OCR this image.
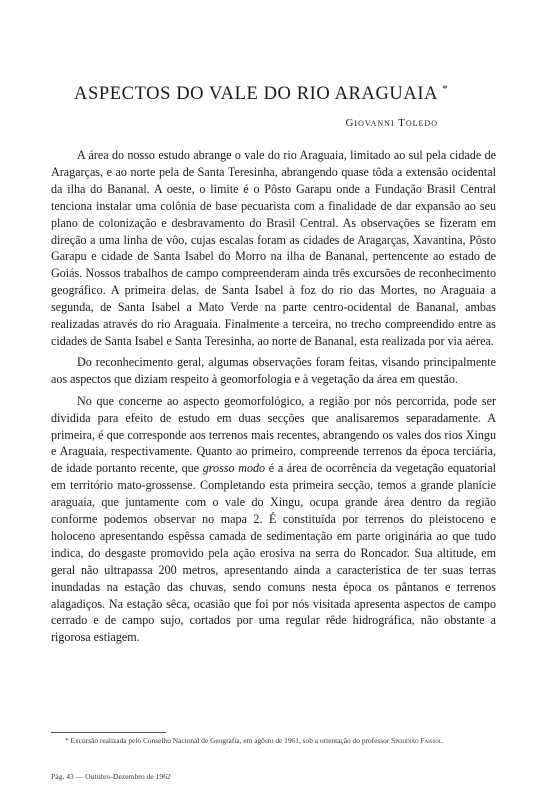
ASPECTOS DO VALE DO RIO ARAGUAIA *
Giovanni Toledo

A área do nosso estudo abrange o vale do rio Araguaia, limitado ao sul pela cidade de Aragarças, e ao norte pela de Santa Teresinha, abrangendo quase tôda a extensão ocidental da ilha do Bananal. A oeste, o limite é o Pôsto Garapu onde a Fundação Brasil Central tenciona instalar uma colônia de base pecuarista com a finalidade de dar expansão ao seu plano de colonização e desbravamento do Brasil Central. As observações se fizeram em direção a uma linha de vôo, cujas escalas foram as cidades de Aragarças, Xavantina, Pôsto Garapu e cidade de Santa Isabel do Morro na ilha de Bananal, pertencente ao estado de Goiás. Nossos trabalhos de campo compreenderam ainda três excursões de reconhecimento geográfico. A primeira delas, de Santa Isabel à foz do rio das Mortes, no Araguaia a segunda, de Santa Isabel a Mato Verde na parte centro-ocidental de Bananal, ambas realizadas através do rio Araguaia. Finalmente a terceira, no trecho compreendido entre as cidades de Santa Isabel e Santa Teresinha, ao norte de Bananal, esta realizada por via aérea.

Do reconhecimento geral, algumas observações foram feitas, visando principalmente aos aspectos que diziam respeito à geomorfologia e à vegetação da área em questão.

No que concerne ao aspecto geomorfológico, a região por nós percorrida, pode ser dividida para efeito de estudo em duas secções que analisaremos separadamente. A primeira, é que corresponde aos terrenos mais recentes, abrangendo os vales dos rios Xingu e Araguaia, respectivamente. Quanto ao primeiro, compreende terrenos da época terciária, de idade portanto recente, que grosso modo é a área de ocorrência da vegetação equatorial em território mato-grossense. Completando esta primeira secção, temos a grande planície araguaia, que juntamente com o vale do Xingu, ocupa grande área dentro da região conforme podemos observar no mapa 2. É constituída por terrenos do pleistoceno e holoceno apresentando espêssa camada de sedimentação em parte originária ao que tudo indica, do desgaste promovido pela ação erosiva na serra do Roncador. Sua altitude, em geral não ultrapassa 200 metros, apresentando ainda a característica de ter suas terras inundadas na estação das chuvas, sendo comuns nesta época os pântanos e terrenos alagadiços. Na estação sêca, ocasião que foi por nós visitada apresenta aspectos de campo cerrado e de campo sujo, cortados por uma regular rêde hidrográfica, não obstante a rigorosa estiagem.

* Excursão realizada pelo Conselho Nacional de Geografia, em agôsto de 1961, sob a orientação do professor Speridião Faissol.

Pág. 43 — Outubro-Dezembro de 1962
